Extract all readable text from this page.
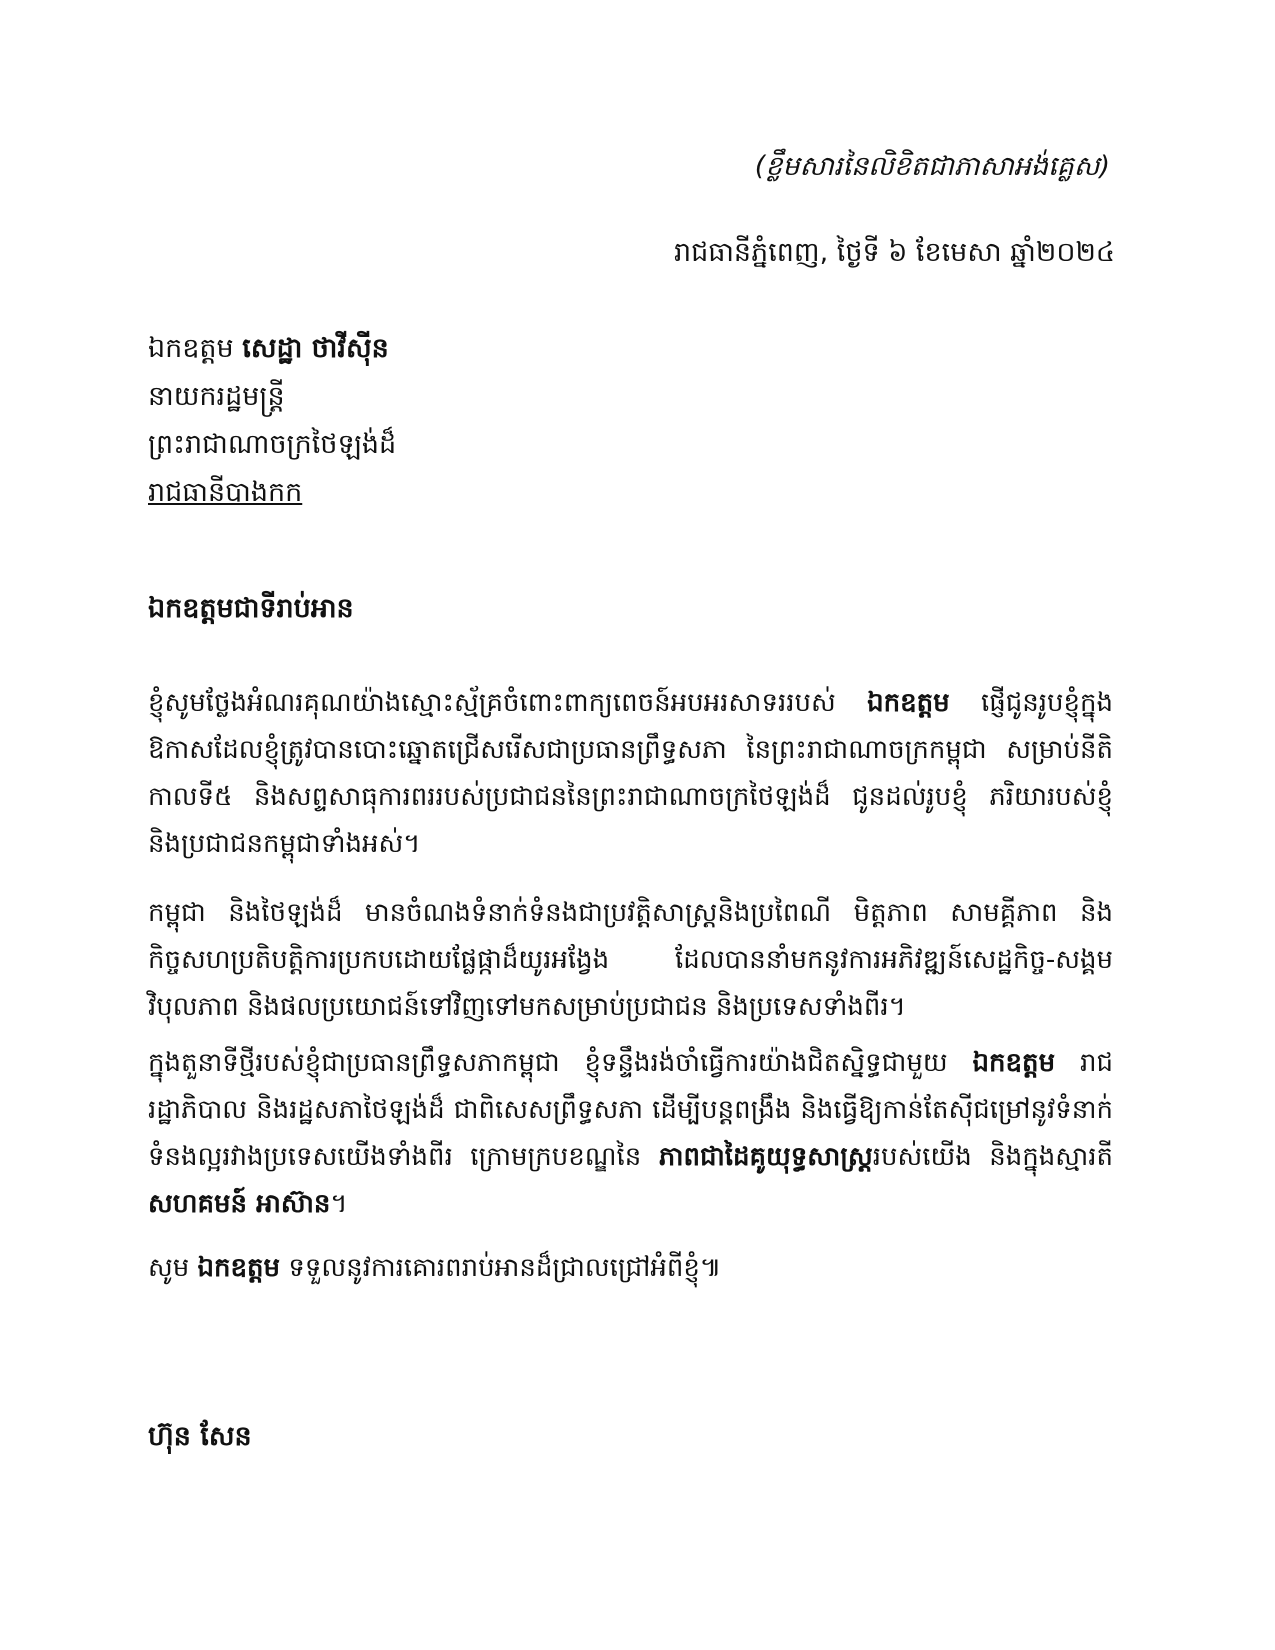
(ខ្លឹមសារនៃលិខិតជាភាសាអង់គ្លេស)
រាជធានីភ្នំពេញ, ថ្ងៃទី ៦ ខែមេសា ឆ្នាំ២០២៤
ឯកឧត្ដម សេដ្ឋា ថាវីស៊ីន
នាយករដ្ឋមន្ត្រី
ព្រះរាជាណាចក្រថៃឡង់ដ៏
រាជធានីបាងកក
ឯកឧត្ដមជាទីរាប់អាន
ខ្ញុំសូមថ្លែងអំណរគុណយ៉ាងស្មោះស្ម័គ្រចំពោះពាក្យពេចន៍អបអរសាទររបស់ ឯកឧត្ដម ផ្ញើជូនរូបខ្ញុំក្នុងឱកាសដែលខ្ញុំត្រូវបានបោះឆ្នោតជ្រើសរើសជាប្រធានព្រឹទ្ធសភា នៃព្រះរាជាណាចក្រកម្ពុជា សម្រាប់នីតិកាលទី៥ និងសព្ទសាធុការពររបស់ប្រជាជននៃព្រះរាជាណាចក្រថៃឡង់ដ៏ ជូនដល់រូបខ្ញុំ ភរិយារបស់ខ្ញុំ និងប្រជាជនកម្ពុជាទាំងអស់។
កម្ពុជា និងថៃឡង់ដ៏ មានចំណងទំនាក់ទំនងជាប្រវត្តិសាស្ត្រនិងប្រពៃណី មិត្តភាព សាមគ្គីភាព និងកិច្ចសហប្រតិបត្តិការប្រកបដោយផ្លែផ្កាដ៏យូរអង្វែង ដែលបាននាំមកនូវការអភិវឌ្ឍន៍សេដ្ឋកិច្ច-សង្គម វិបុលភាព និងផលប្រយោជន៍ទៅវិញទៅមកសម្រាប់ប្រជាជន និងប្រទេសទាំងពីរ។
ក្នុងតួនាទីថ្មីរបស់ខ្ញុំជាប្រធានព្រឹទ្ធសភាកម្ពុជា ខ្ញុំទន្ទឹងរង់ចាំធ្វើការយ៉ាងជិតស្និទ្ធជាមួយ ឯកឧត្ដម រាជរដ្ឋាភិបាល និងរដ្ឋសភាថៃឡង់ដ៏ ជាពិសេសព្រឹទ្ធសភា ដើម្បីបន្តពង្រឹង និងធ្វើឱ្យកាន់តែស៊ីជម្រៅនូវទំនាក់ទំនងល្អរវាងប្រទេសយើងទាំងពីរ ក្រោមក្របខណ្ឌនៃ ភាពជាដៃគូយុទ្ធសាស្ត្ររបស់យើង និងក្នុងស្មារតី សហគមន៍ អាស៊ាន។
សូម ឯកឧត្ដម ទទួលនូវការគោរពរាប់អានដ៏ជ្រាលជ្រៅអំពីខ្ញុំ៕
ហ៊ុន សែន
